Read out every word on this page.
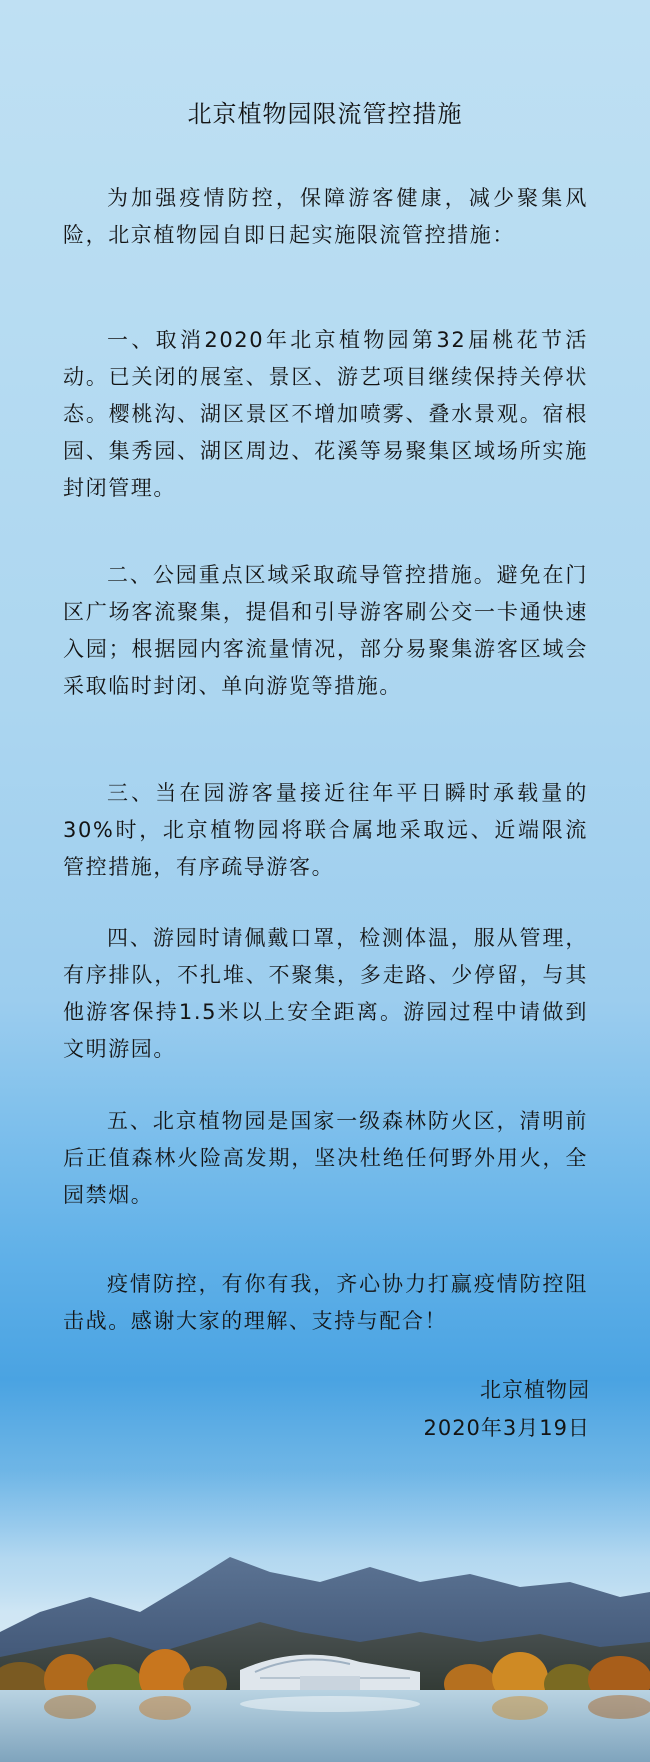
北京植物园限流管控措施

为加强疫情防控，保障游客健康，减少聚集风险，北京植物园自即日起实施限流管控措施：

一、取消2020年北京植物园第32届桃花节活动。已关闭的展室、景区、游艺项目继续保持关停状态。樱桃沟、湖区景区不增加喷雾、叠水景观。宿根园、集秀园、湖区周边、花溪等易聚集区域场所实施封闭管理。

二、公园重点区域采取疏导管控措施。避免在门区广场客流聚集，提倡和引导游客刷公交一卡通快速入园；根据园内客流量情况，部分易聚集游客区域会采取临时封闭、单向游览等措施。

三、当在园游客量接近往年平日瞬时承载量的30%时，北京植物园将联合属地采取远、近端限流管控措施，有序疏导游客。

四、游园时请佩戴口罩，检测体温，服从管理，有序排队，不扎堆、不聚集，多走路、少停留，与其他游客保持1.5米以上安全距离。游园过程中请做到文明游园。

五、北京植物园是国家一级森林防火区，清明前后正值森林火险高发期，坚决杜绝任何野外用火，全园禁烟。

疫情防控，有你有我，齐心协力打赢疫情防控阻击战。感谢大家的理解、支持与配合！

北京植物园

2020年3月19日
